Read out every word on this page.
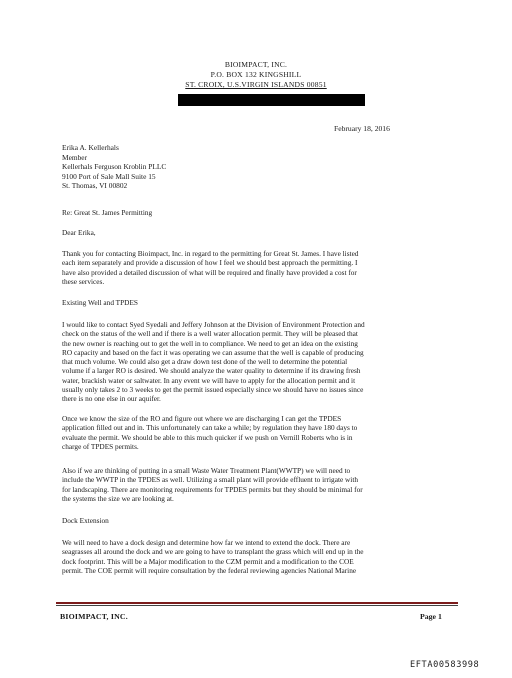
BIOIMPACT, INC.
P.O. BOX 132 KINGSHILL
ST. CROIX, U.S.VIRGIN ISLANDS 00851
February 18, 2016
Erika A. Kellerhals
Member
Kellerhals Ferguson Kroblin PLLC
9100 Port of Sale Mall Suite 15
St. Thomas, VI 00802
Re: Great St. James Permitting
Dear Erika,
Thank you for contacting Bioimpact, Inc. in regard to the permitting for Great St. James. I have listed
each item separately and provide a discussion of how I feel we should best approach the permitting. I
have also provided a detailed discussion of what will be required and finally have provided a cost for
these services.
Existing Well and TPDES
I would like to contact Syed Syedali and Jeffery Johnson at the Division of Environment Protection and
check on the status of the well and if there is a well water allocation permit. They will be pleased that
the new owner is reaching out to get the well in to compliance. We need to get an idea on the existing
RO capacity and based on the fact it was operating we can assume that the well is capable of producing
that much volume. We could also get a draw down test done of the well to determine the potential
volume if a larger RO is desired. We should analyze the water quality to determine if its drawing fresh
water, brackish water or saltwater. In any event we will have to apply for the allocation permit and it
usually only takes 2 to 3 weeks to get the permit issued especially since we should have no issues since
there is no one else in our aquifer.
Once we know the size of the RO and figure out where we are discharging I can get the TPDES
application filled out and in. This unfortunately can take a while; by regulation they have 180 days to
evaluate the permit. We should be able to this much quicker if we push on Vernill Roberts who is in
charge of TPDES permits.
Also if we are thinking of putting in a small Waste Water Treatment Plant(WWTP) we will need to
include the WWTP in the TPDES as well. Utilizing a small plant will provide effluent to irrigate with
for landscaping. There are monitoring requirements for TPDES permits but they should be minimal for
the systems the size we are looking at.
Dock Extension
We will need to have a dock design and determine how far we intend to extend the dock. There are
seagrasses all around the dock and we are going to have to transplant the grass which will end up in the
dock footprint. This will be a Major modification to the CZM permit and a modification to the COE
permit. The COE permit will require consultation by the federal reviewing agencies National Marine
BIOIMPACT, INC.	Page 1
EFTA00583998
